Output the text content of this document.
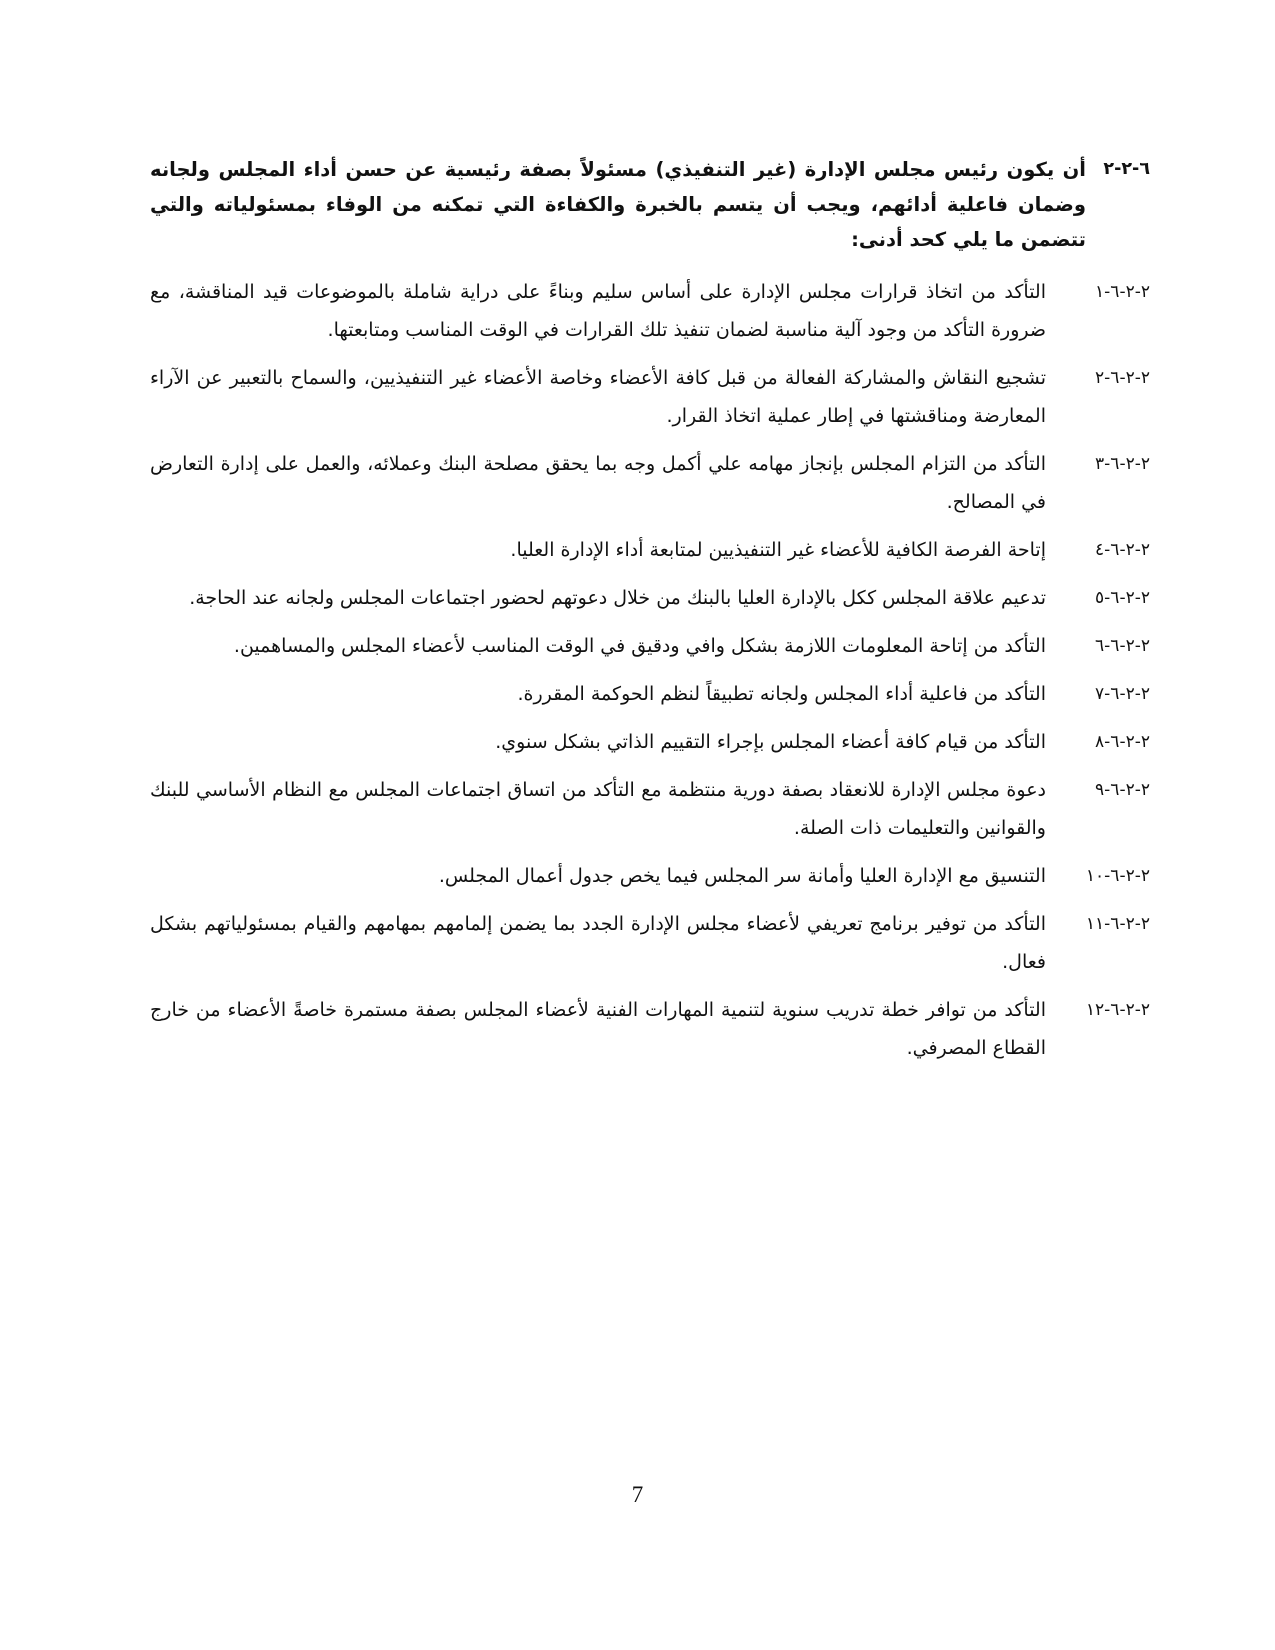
٦-٢-٢
أن يكون رئيس مجلس الإدارة (غير التنفيذي) مسئولاً بصفة رئيسية عن حسن أداء المجلس ولجانه وضمان فاعلية أدائهم، ويجب أن يتسم بالخبرة والكفاءة التي تمكنه من الوفاء بمسئولياته والتي تتضمن ما يلي كحد أدنى:
٢-٢-٦-١
التأكد من اتخاذ قرارات مجلس الإدارة على أساس سليم وبناءً على دراية شاملة بالموضوعات قيد المناقشة، مع ضرورة التأكد من وجود آلية مناسبة لضمان تنفيذ تلك القرارات في الوقت المناسب ومتابعتها.
٢-٢-٦-٢
تشجيع النقاش والمشاركة الفعالة من قبل كافة الأعضاء وخاصة الأعضاء غير التنفيذيين، والسماح بالتعبير عن الآراء المعارضة ومناقشتها في إطار عملية اتخاذ القرار.
٢-٢-٦-٣
التأكد من التزام المجلس بإنجاز مهامه علي أكمل وجه بما يحقق مصلحة البنك وعملائه، والعمل على إدارة التعارض في المصالح.
٢-٢-٦-٤
إتاحة الفرصة الكافية للأعضاء غير التنفيذيين لمتابعة أداء الإدارة العليا.
٢-٢-٦-٥
تدعيم علاقة المجلس ككل بالإدارة العليا بالبنك من خلال دعوتهم لحضور اجتماعات المجلس ولجانه عند الحاجة.
٢-٢-٦-٦
التأكد من إتاحة المعلومات اللازمة بشكل وافي ودقيق في الوقت المناسب لأعضاء المجلس والمساهمين.
٢-٢-٦-٧
التأكد من فاعلية أداء المجلس ولجانه تطبيقاً لنظم الحوكمة المقررة.
٢-٢-٦-٨
التأكد من قيام كافة أعضاء المجلس بإجراء التقييم الذاتي بشكل سنوي.
٢-٢-٦-٩
دعوة مجلس الإدارة للانعقاد بصفة دورية منتظمة مع التأكد من اتساق اجتماعات المجلس مع النظام الأساسي للبنك والقوانين والتعليمات ذات الصلة.
٢-٢-٦-١٠
التنسيق مع الإدارة العليا وأمانة سر المجلس فيما يخص جدول أعمال المجلس.
٢-٢-٦-١١
التأكد من توفير برنامج تعريفي لأعضاء مجلس الإدارة الجدد بما يضمن إلمامهم بمهامهم والقيام بمسئولياتهم بشكل فعال.
٢-٢-٦-١٢
التأكد من توافر خطة تدريب سنوية لتنمية المهارات الفنية لأعضاء المجلس بصفة مستمرة خاصةً الأعضاء من خارج القطاع المصرفي.
7
